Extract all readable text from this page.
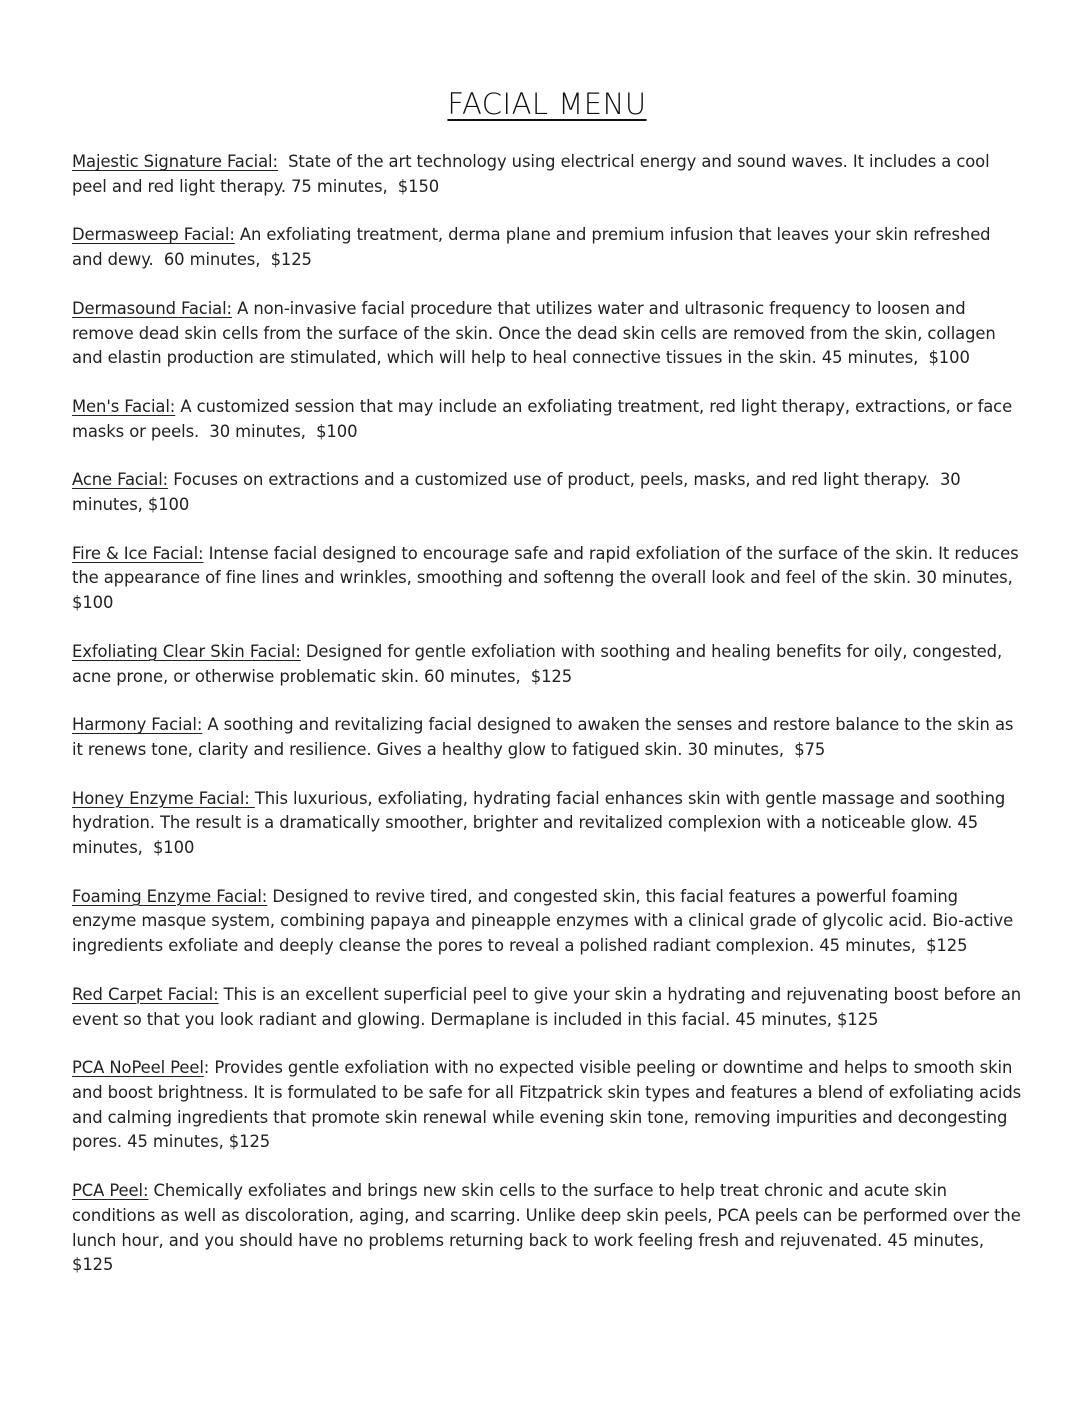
FACIAL MENU

Majestic Signature Facial:  State of the art technology using electrical energy and sound waves. It includes a cool peel and red light therapy. 75 minutes,  $150

Dermasweep Facial: An exfoliating treatment, derma plane and premium infusion that leaves your skin refreshed and dewy.  60 minutes,  $125

Dermasound Facial: A non-invasive facial procedure that utilizes water and ultrasonic frequency to loosen and remove dead skin cells from the surface of the skin. Once the dead skin cells are removed from the skin, collagen and elastin production are stimulated, which will help to heal connective tissues in the skin. 45 minutes,  $100

Men's Facial: A customized session that may include an exfoliating treatment, red light therapy, extractions, or face masks or peels.  30 minutes,  $100

Acne Facial: Focuses on extractions and a customized use of product, peels, masks, and red light therapy.  30 minutes, $100

Fire & Ice Facial: Intense facial designed to encourage safe and rapid exfoliation of the surface of the skin. It reduces the appearance of fine lines and wrinkles, smoothing and softenng the overall look and feel of the skin. 30 minutes, $100

Exfoliating Clear Skin Facial: Designed for gentle exfoliation with soothing and healing benefits for oily, congested, acne prone, or otherwise problematic skin. 60 minutes,  $125

Harmony Facial: A soothing and revitalizing facial designed to awaken the senses and restore balance to the skin as it renews tone, clarity and resilience. Gives a healthy glow to fatigued skin. 30 minutes,  $75

Honey Enzyme Facial: This luxurious, exfoliating, hydrating facial enhances skin with gentle massage and soothing hydration. The result is a dramatically smoother, brighter and revitalized complexion with a noticeable glow. 45 minutes,  $100

Foaming Enzyme Facial: Designed to revive tired, and congested skin, this facial features a powerful foaming enzyme masque system, combining papaya and pineapple enzymes with a clinical grade of glycolic acid. Bio-active ingredients exfoliate and deeply cleanse the pores to reveal a polished radiant complexion. 45 minutes,  $125

Red Carpet Facial: This is an excellent superficial peel to give your skin a hydrating and rejuvenating boost before an event so that you look radiant and glowing. Dermaplane is included in this facial. 45 minutes, $125

PCA NoPeel Peel: Provides gentle exfoliation with no expected visible peeling or downtime and helps to smooth skin and boost brightness. It is formulated to be safe for all Fitzpatrick skin types and features a blend of exfoliating acids and calming ingredients that promote skin renewal while evening skin tone, removing impurities and decongesting pores. 45 minutes, $125

PCA Peel: Chemically exfoliates and brings new skin cells to the surface to help treat chronic and acute skin conditions as well as discoloration, aging, and scarring. Unlike deep skin peels, PCA peels can be performed over the lunch hour, and you should have no problems returning back to work feeling fresh and rejuvenated. 45 minutes, $125
